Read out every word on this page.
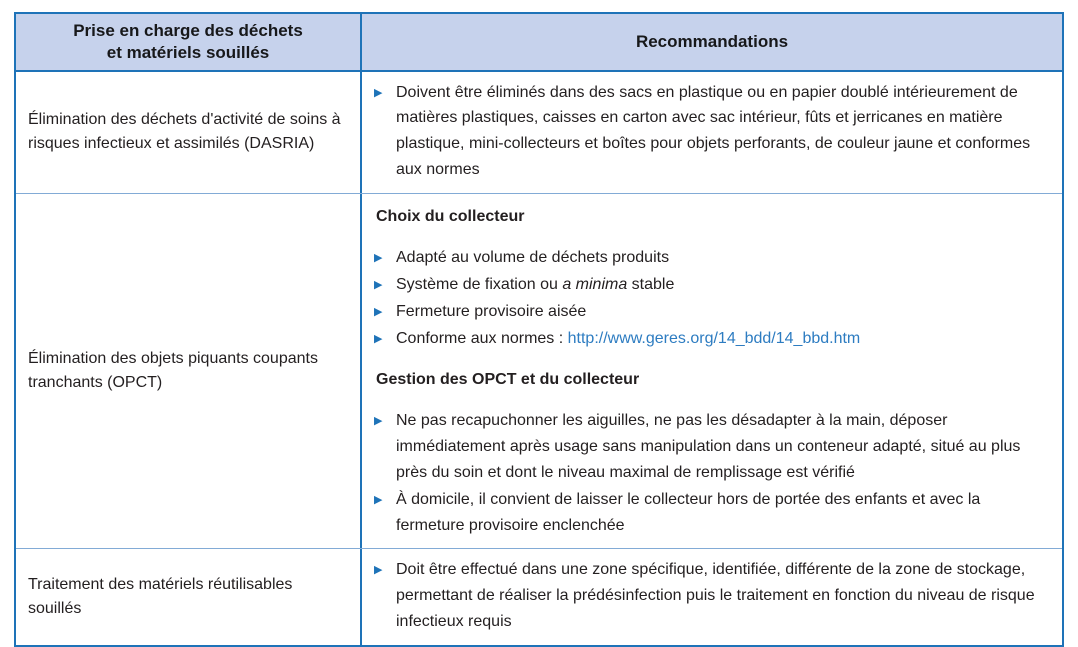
Prise en charge des déchets
et matériels souillés
Recommandations
Élimination des déchets d'activité de soins à risques infectieux et assimilés (DASRIA)
▶ Doivent être éliminés dans des sacs en plastique ou en papier doublé intérieurement de matières plastiques, caisses en carton avec sac intérieur, fûts et jerricanes en matière plastique, mini-collecteurs et boîtes pour objets perforants, de couleur jaune et conformes aux normes
Élimination des objets piquants coupants tranchants (OPCT)
Choix du collecteur
▶ Adapté au volume de déchets produits
▶ Système de fixation ou a minima stable
▶ Fermeture provisoire aisée
▶ Conforme aux normes : http://www.geres.org/14_bdd/14_bbd.htm
Gestion des OPCT et du collecteur
▶ Ne pas recapuchonner les aiguilles, ne pas les désadapter à la main, déposer immédiatement après usage sans manipulation dans un conteneur adapté, situé au plus près du soin et dont le niveau maximal de remplissage est vérifié
▶ À domicile, il convient de laisser le collecteur hors de portée des enfants et avec la fermeture provisoire enclenchée
Traitement des matériels réutilisables souillés
▶ Doit être effectué dans une zone spécifique, identifiée, différente de la zone de stockage, permettant de réaliser la prédésinfection puis le traitement en fonction du niveau de risque infectieux requis
